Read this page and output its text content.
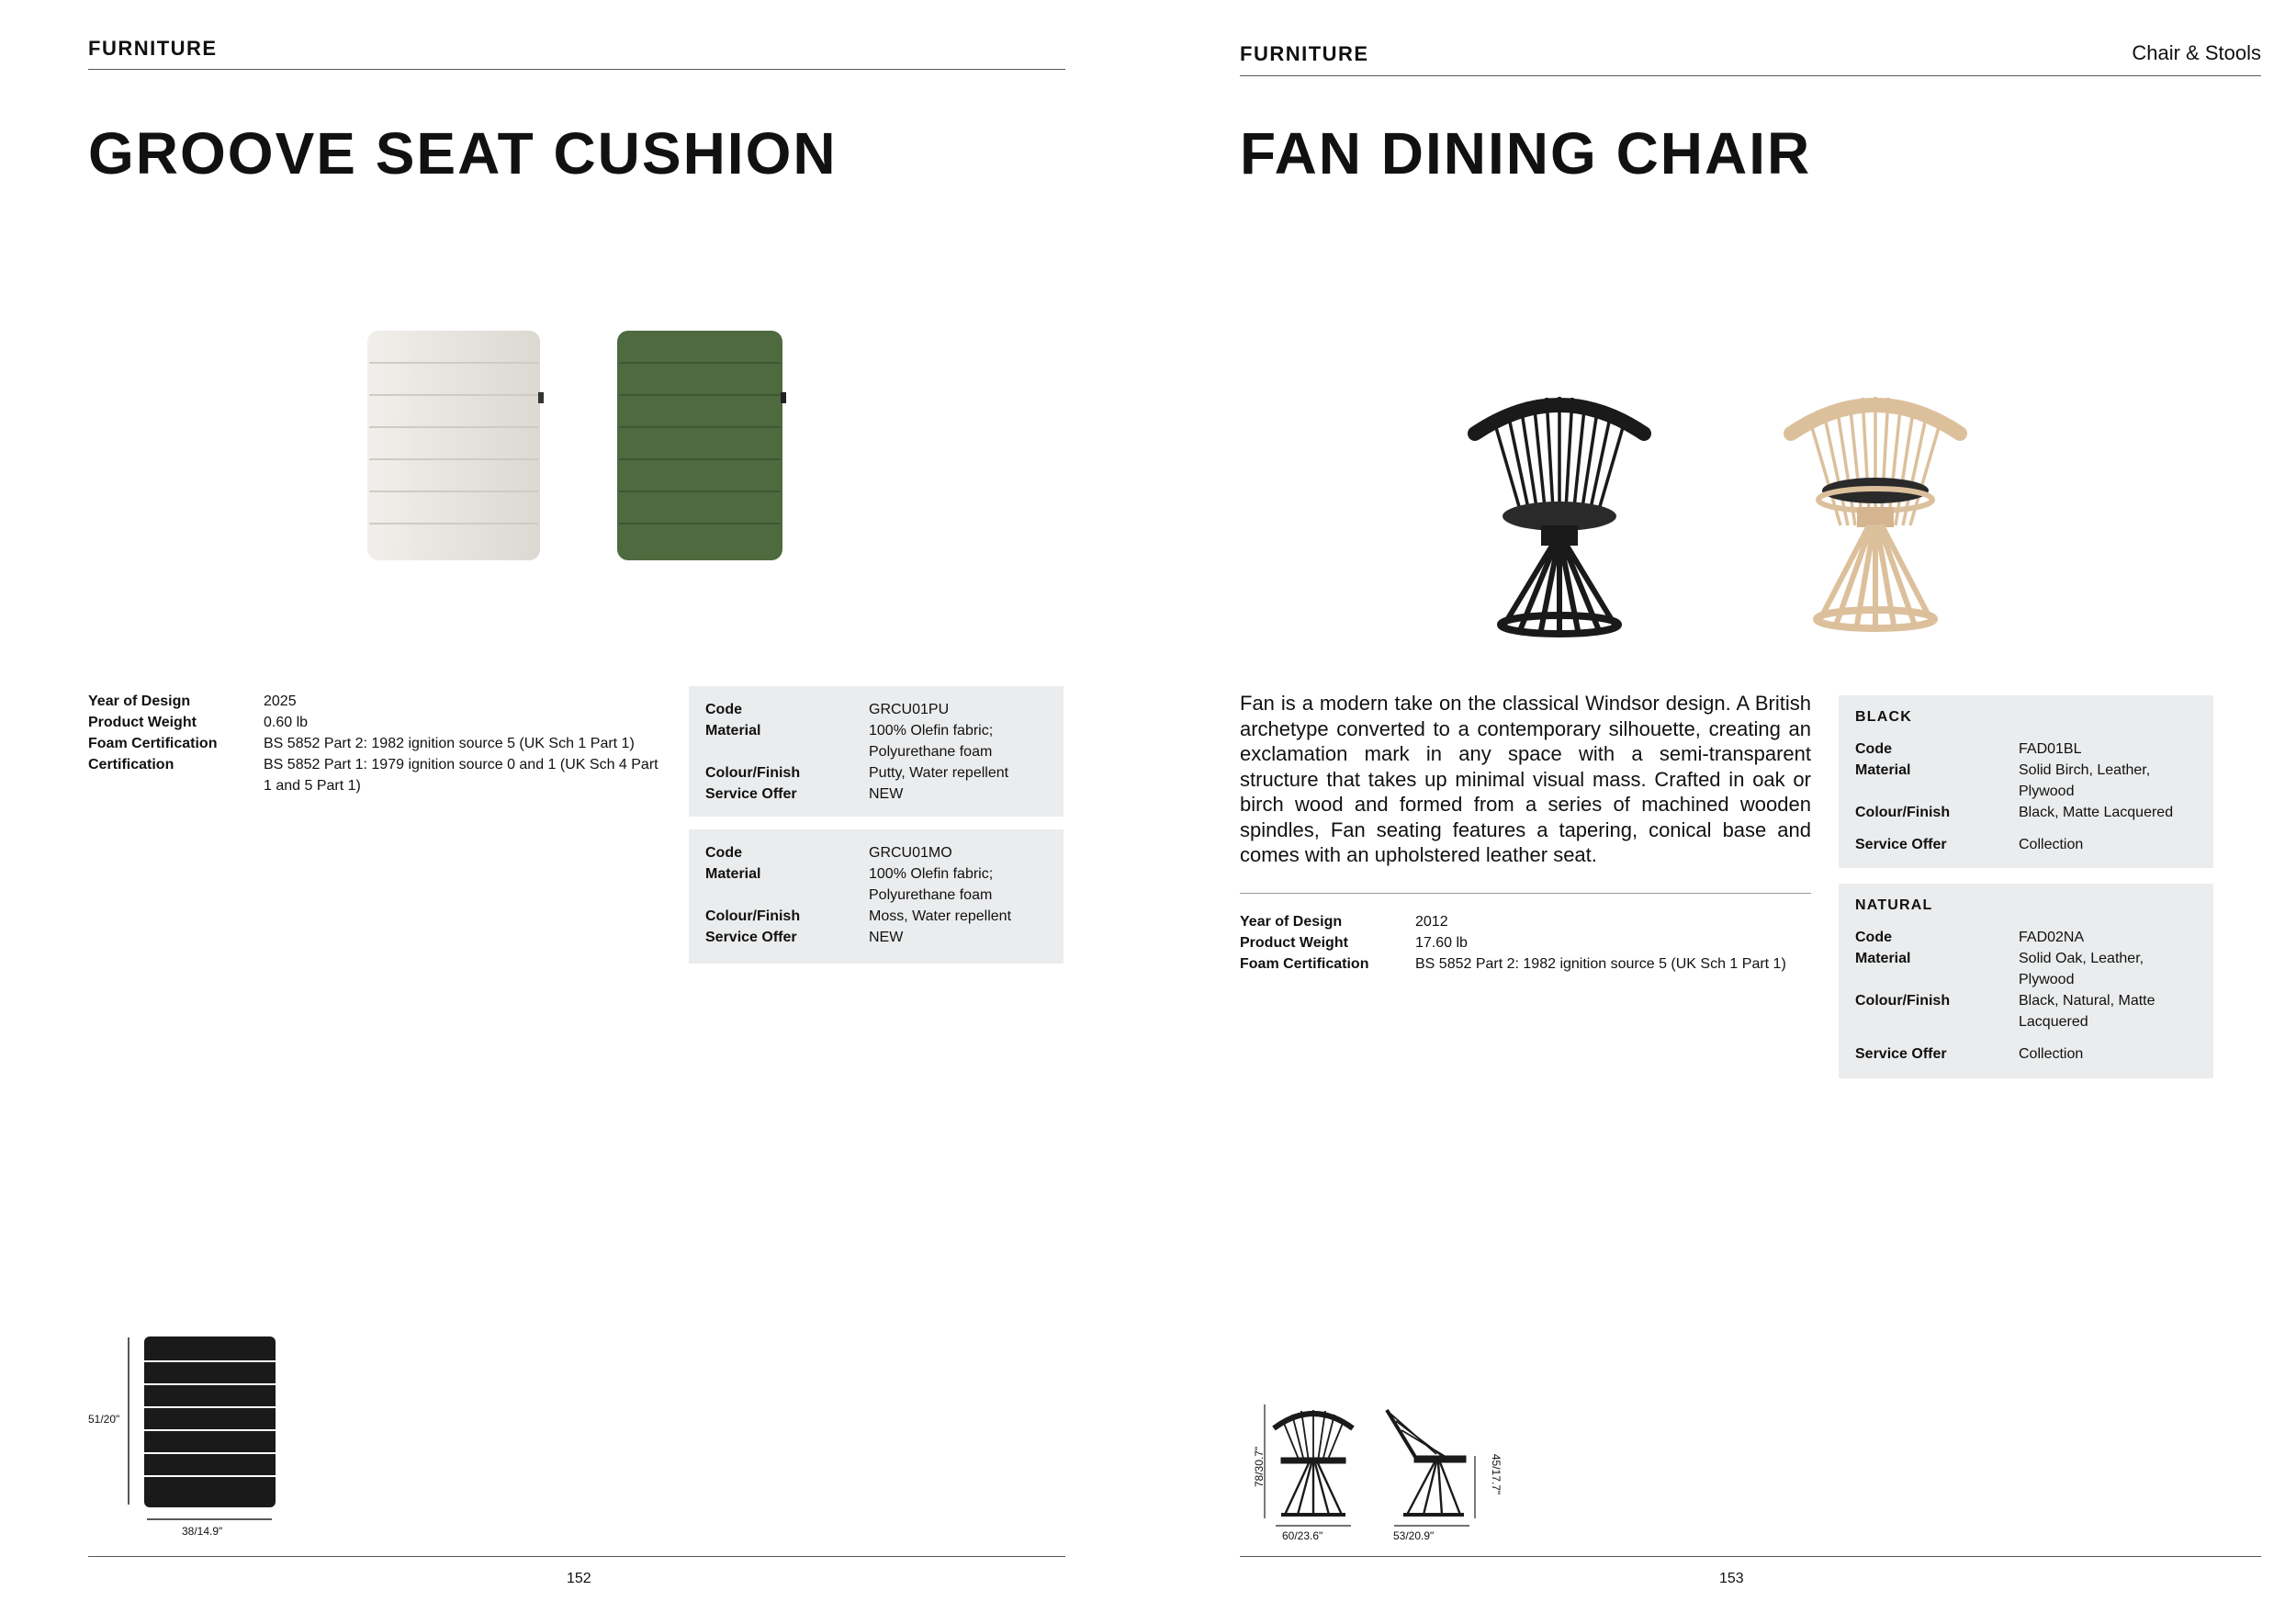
FURNITURE
GROOVE SEAT CUSHION
Year of Design	2025
Product Weight	0.60 lb
Foam Certification	BS 5852 Part 2: 1982 ignition source 5 (UK Sch 1 Part 1)
Certification	BS 5852 Part 1: 1979 ignition source 0 and 1 (UK Sch 4 Part 1 and 5 Part 1)
Code	GRCU01PU
Material	100% Olefin fabric; Polyurethane foam
Colour/Finish	Putty, Water repellent
Service Offer	NEW
Code	GRCU01MO
Material	100% Olefin fabric; Polyurethane foam
Colour/Finish	Moss, Water repellent
Service Offer	NEW
51/20"
38/14.9"
152
FURNITURE	Chair & Stools
FAN DINING CHAIR

Fan is a modern take on the classical Windsor design. A British archetype converted to a contemporary silhouette, creating an exclamation mark in any space with a semi-transparent structure that takes up minimal visual mass. Crafted in oak or birch wood and formed from a series of machined wooden spindles, Fan seating features a tapering, conical base and comes with an upholstered leather seat.

Year of Design	2012
Product Weight	17.60 lb
Foam Certification	BS 5852 Part 2: 1982 ignition source 5 (UK Sch 1 Part 1)
BLACK
Code	FAD01BL
Material	Solid Birch, Leather, Plywood
Colour/Finish	Black, Matte Lacquered
Service Offer	Collection
NATURAL
Code	FAD02NA
Material	Solid Oak, Leather, Plywood
Colour/Finish	Black, Natural, Matte Lacquered
Service Offer	Collection
78/30.7"	45/17.7"
60/23.6"	53/20.9"
153
